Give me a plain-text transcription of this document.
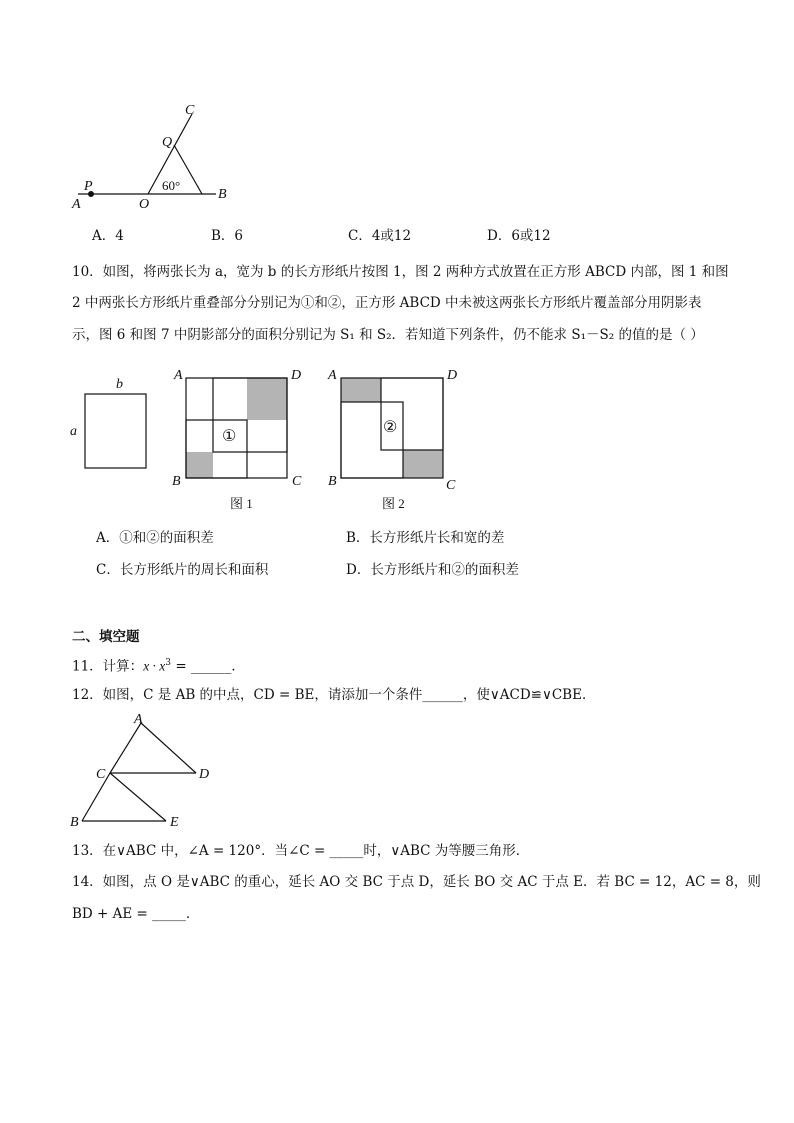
C
Q
P
A	O
B
60°
A．4	B．6	C．4或12	D．6或12
10．如图，将两张长为 a，宽为 b 的长方形纸片按图 1，图 2 两种方式放置在正方形 ABCD 内部，图 1 和图
2 中两张长方形纸片重叠部分分别记为①和②，正方形 ABCD 中未被这两张长方形纸片覆盖部分用阴影表
示，图 6 和图 7 中阴影部分的面积分别记为 S₁ 和 S₂．若知道下列条件，仍不能求 S₁－S₂ 的值的是（ ）
b
a
A	D
B	C
①
图 1
A	D
B	C
②
图 2
A．①和②的面积差	B．长方形纸片长和宽的差
C．长方形纸片的周长和面积	D．长方形纸片和②的面积差
二、填空题
11．计算：$x \cdot x^3$ = ______．
12．如图，C 是 AB 的中点，CD = BE，请添加一个条件______，使∨ACD≌∨CBE．
A
C	D
B	E
13．在∨ABC 中，∠A = 120°．当∠C = _____时，∨ABC 为等腰三角形．
14．如图，点 O 是∨ABC 的重心，延长 AO 交 BC 于点 D，延长 BO 交 AC 于点 E．若 BC = 12，AC = 8，则
BD + AE = _____．
